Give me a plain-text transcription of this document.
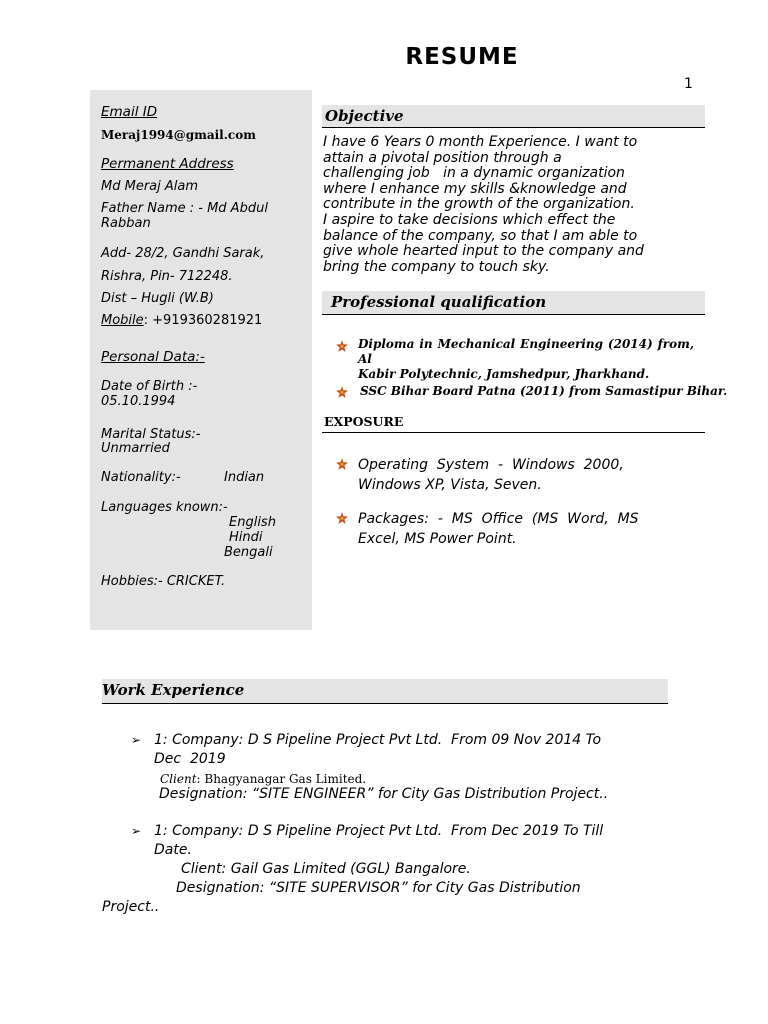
RESUME
1
Email ID
Meraj1994@gmail.com
Permanent Address
Md Meraj Alam
Father Name : - Md Abdul
Rabban
Add- 28/2, Gandhi Sarak,
Rishra, Pin- 712248.
Dist – Hugli (W.B)
Mobile: +919360281921
Personal Data:-
Date of Birth :-
05.10.1994
Marital Status:-
Unmarried
Nationality:-	Indian
Languages known:-
English
Hindi
Bengali
Hobbies:- CRICKET.
Objective
I have 6 Years 0 month Experience. I want to
attain a pivotal position through a
challenging job   in a dynamic organization
where I enhance my skills &knowledge and
contribute in the growth of the organization.
I aspire to take decisions which effect the
balance of the company, so that I am able to
give whole hearted input to the company and
bring the company to touch sky.
Professional qualification
Diploma in Mechanical Engineering (2014) from, Al
Kabir Polytechnic, Jamshedpur, Jharkhand.
SSC Bihar Board Patna (2011) from Samastipur Bihar.
EXPOSURE
Operating  System  -  Windows  2000,
Windows XP, Vista, Seven.
Packages:  -  MS  Office  (MS  Word,  MS
Excel, MS Power Point.
Work Experience
➢ 1: Company: D S Pipeline Project Pvt Ltd.  From 09 Nov 2014 To
Dec  2019
Client: Bhagyanagar Gas Limited.
Designation: “SITE ENGINEER” for City Gas Distribution Project..
➢ 1: Company: D S Pipeline Project Pvt Ltd.  From Dec 2019 To Till
Date.
Client: Gail Gas Limited (GGL) Bangalore.
Designation: “SITE SUPERVISOR” for City Gas Distribution
Project..
